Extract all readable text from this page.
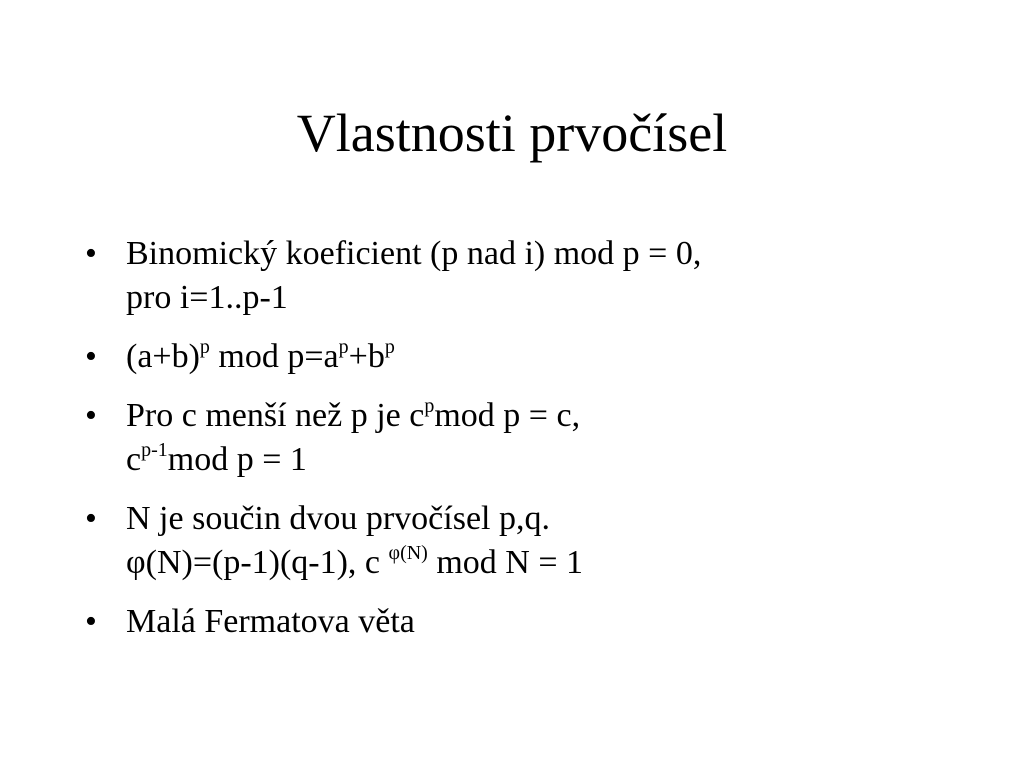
Vlastnosti prvočísel
• Binomický koeficient (p nad i) mod p = 0,
pro i=1..p-1
• $(a+b)^p$ mod $p=a^p+b^p$
• Pro c menší než p je $c^pmod$ p = c,
$c^{p-1}mod$ p = 1
• N je součin dvou prvočísel p,q.
φ(N)=(p-1)(q-1), c $^{\varphi(N)}$ mod N = 1
• Malá Fermatova věta
